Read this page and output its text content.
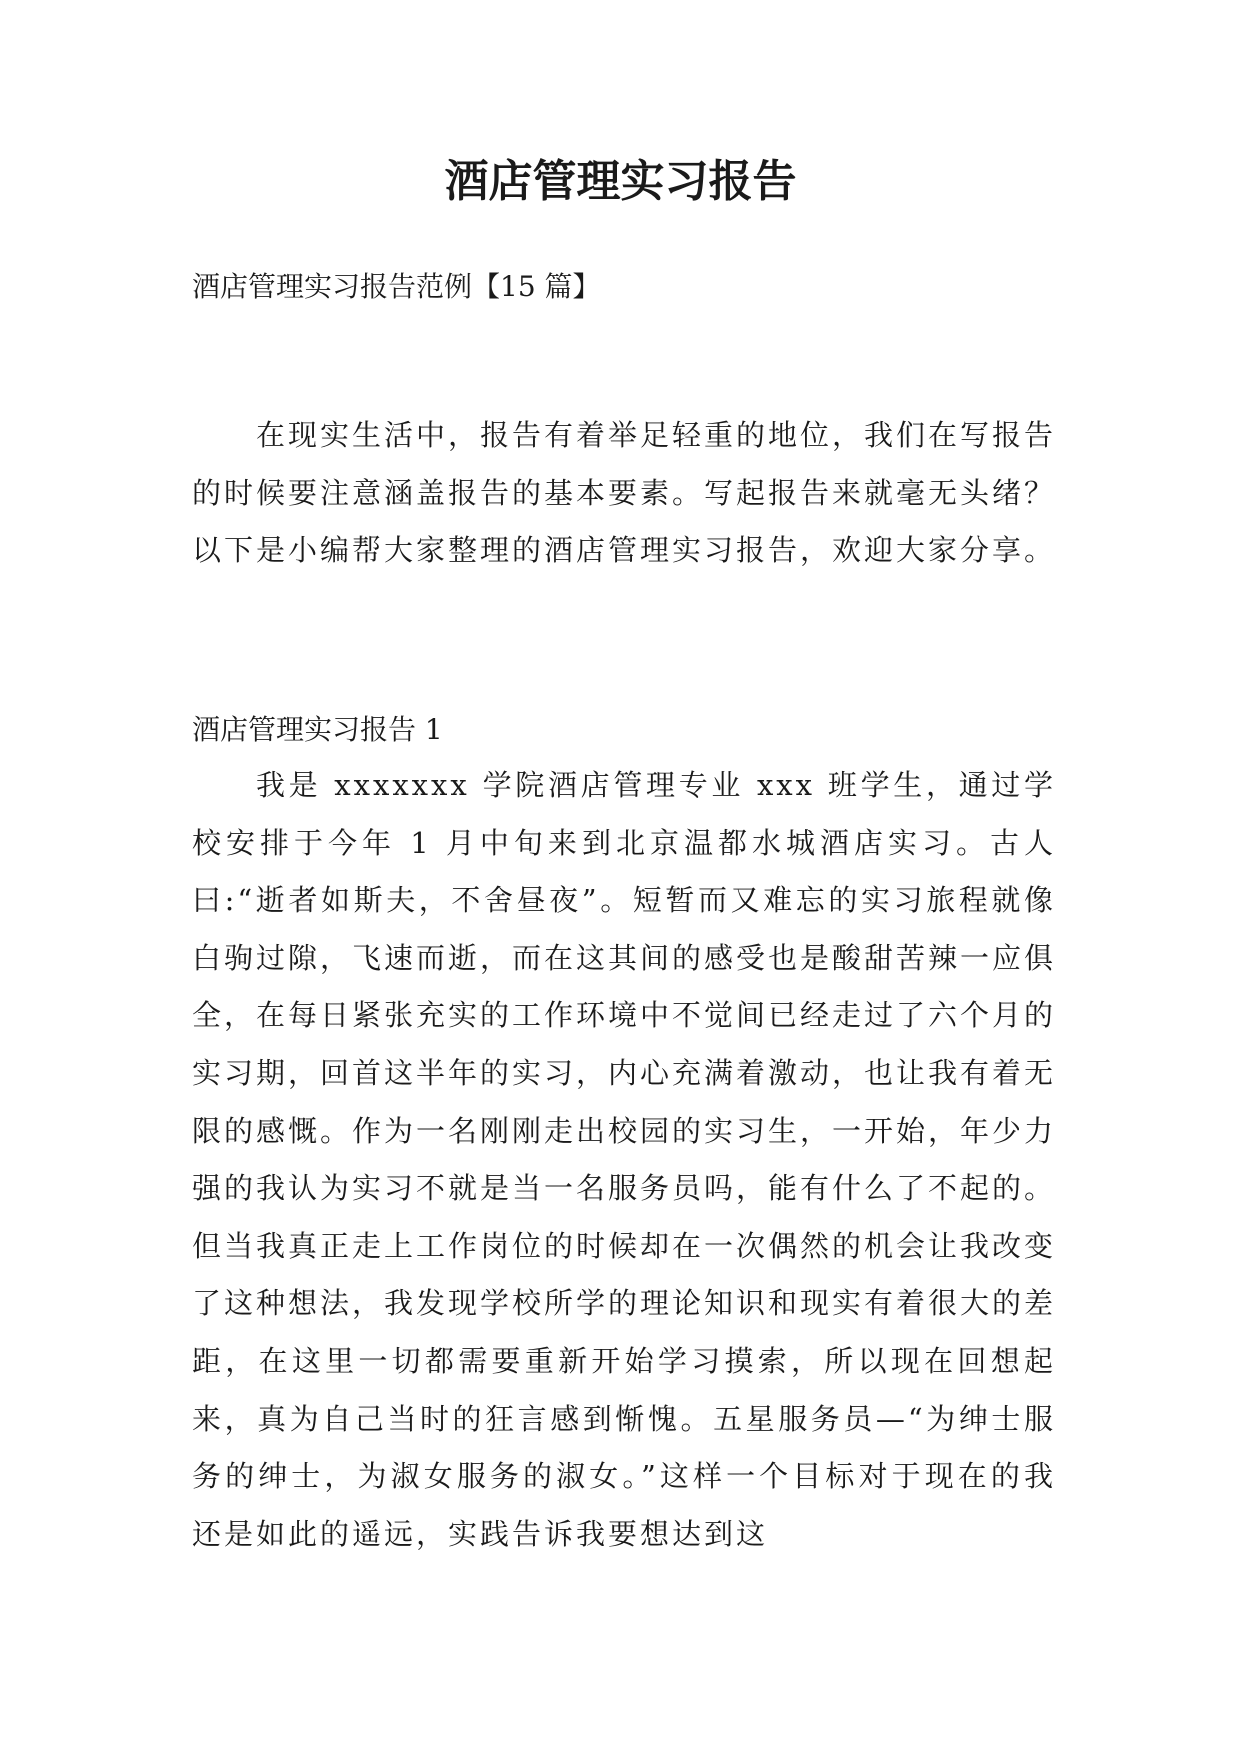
酒店管理实习报告
酒店管理实习报告范例【15 篇】

在现实生活中，报告有着举足轻重的地位，我们在写报告的时候要注意涵盖报告的基本要素。写起报告来就毫无头绪？以下是小编帮大家整理的酒店管理实习报告，欢迎大家分享。

酒店管理实习报告 1

我是 xxxxxxx 学院酒店管理专业 xxx 班学生，通过学校安排于今年 1 月中旬来到北京温都水城酒店实习。古人曰:“逝者如斯夫，不舍昼夜”。短暂而又难忘的实习旅程就像白驹过隙，飞速而逝，而在这其间的感受也是酸甜苦辣一应俱全，在每日紧张充实的工作环境中不觉间已经走过了六个月的实习期，回首这半年的实习，内心充满着激动，也让我有着无限的感慨。作为一名刚刚走出校园的实习生，一开始，年少力强的我认为实习不就是当一名服务员吗，能有什么了不起的。但当我真正走上工作岗位的时候却在一次偶然的机会让我改变了这种想法，我发现学校所学的理论知识和现实有着很大的差距，在这里一切都需要重新开始学习摸索，所以现在回想起来，真为自己当时的狂言感到惭愧。五星服务员—“为绅士服务的绅士，为淑女服务的淑女。”这样一个目标对于现在的我还是如此的遥远，实践告诉我要想达到这
